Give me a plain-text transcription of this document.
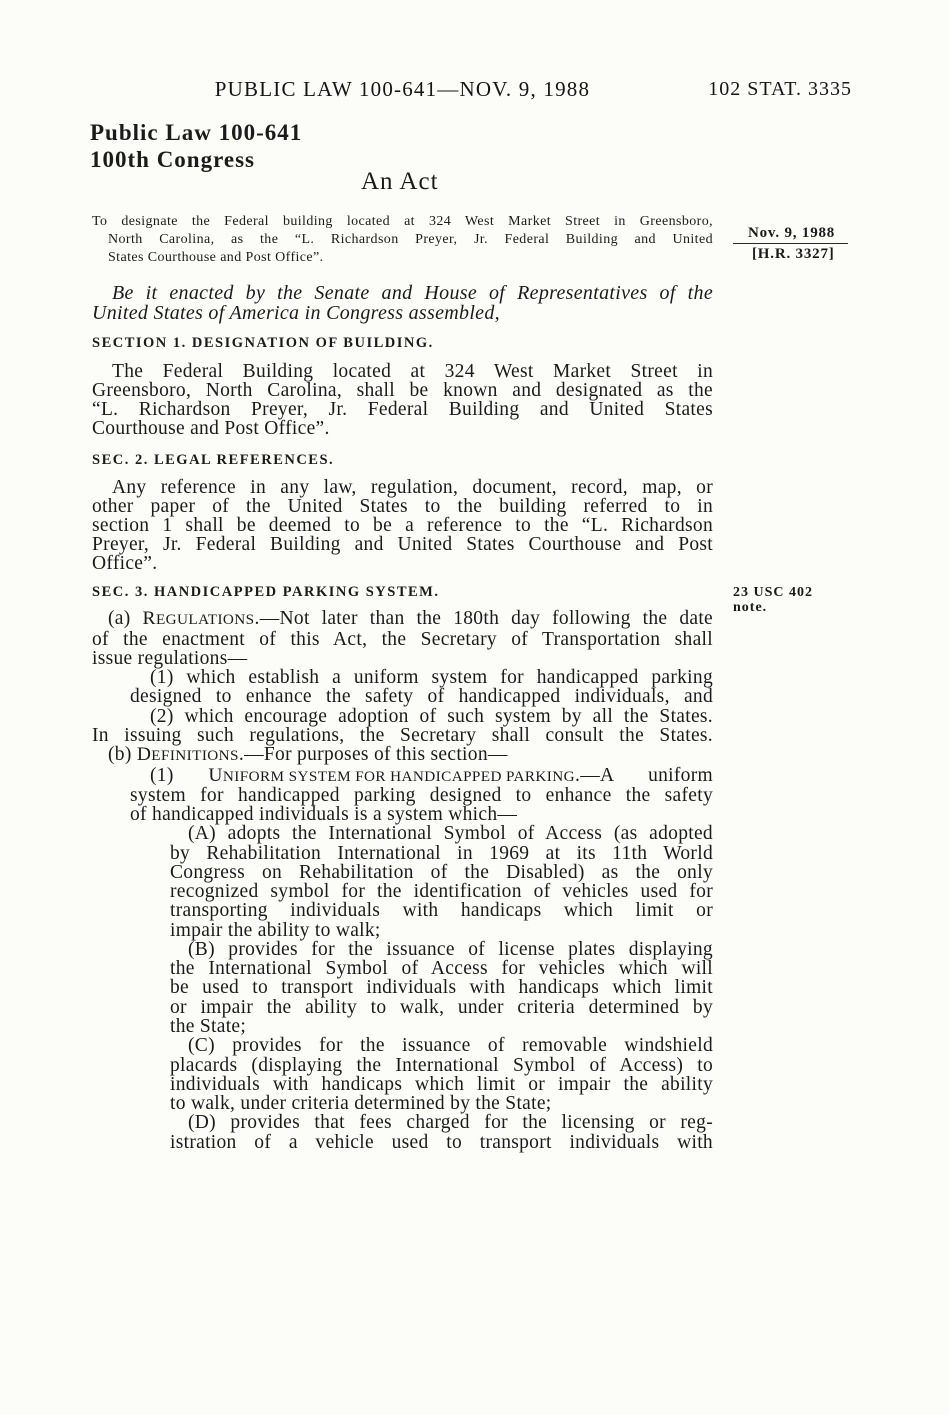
PUBLIC LAW 100-641—NOV. 9, 1988	102 STAT. 3335
Public Law 100-641
100th Congress
An Act
To designate the Federal building located at 324 West Market Street in Greensboro,
North Carolina, as the “L. Richardson Preyer, Jr. Federal Building and United
States Courthouse and Post Office”.
Nov. 9, 1988
[H.R. 3327]
23 USC 402
note.
Be it enacted by the Senate and House of Representatives of the
United States of America in Congress assembled,
SECTION 1. DESIGNATION OF BUILDING.
The Federal Building located at 324 West Market Street in
Greensboro, North Carolina, shall be known and designated as the
“L. Richardson Preyer, Jr. Federal Building and United States
Courthouse and Post Office”.
SEC. 2. LEGAL REFERENCES.
Any reference in any law, regulation, document, record, map, or
other paper of the United States to the building referred to in
section 1 shall be deemed to be a reference to the “L. Richardson
Preyer, Jr. Federal Building and United States Courthouse and Post
Office”.
SEC. 3. HANDICAPPED PARKING SYSTEM.
(a) REGULATIONS.—Not later than the 180th day following the date
of the enactment of this Act, the Secretary of Transportation shall
issue regulations—
(1) which establish a uniform system for handicapped parking
designed to enhance the safety of handicapped individuals, and
(2) which encourage adoption of such system by all the States.
In issuing such regulations, the Secretary shall consult the States.
(b) DEFINITIONS.—For purposes of this section—
(1) UNIFORM SYSTEM FOR HANDICAPPED PARKING.—A uniform
system for handicapped parking designed to enhance the safety
of handicapped individuals is a system which—
(A) adopts the International Symbol of Access (as adopted
by Rehabilitation International in 1969 at its 11th World
Congress on Rehabilitation of the Disabled) as the only
recognized symbol for the identification of vehicles used for
transporting individuals with handicaps which limit or
impair the ability to walk;
(B) provides for the issuance of license plates displaying
the International Symbol of Access for vehicles which will
be used to transport individuals with handicaps which limit
or impair the ability to walk, under criteria determined by
the State;
(C) provides for the issuance of removable windshield
placards (displaying the International Symbol of Access) to
individuals with handicaps which limit or impair the ability
to walk, under criteria determined by the State;
(D) provides that fees charged for the licensing or reg-
istration of a vehicle used to transport individuals with
